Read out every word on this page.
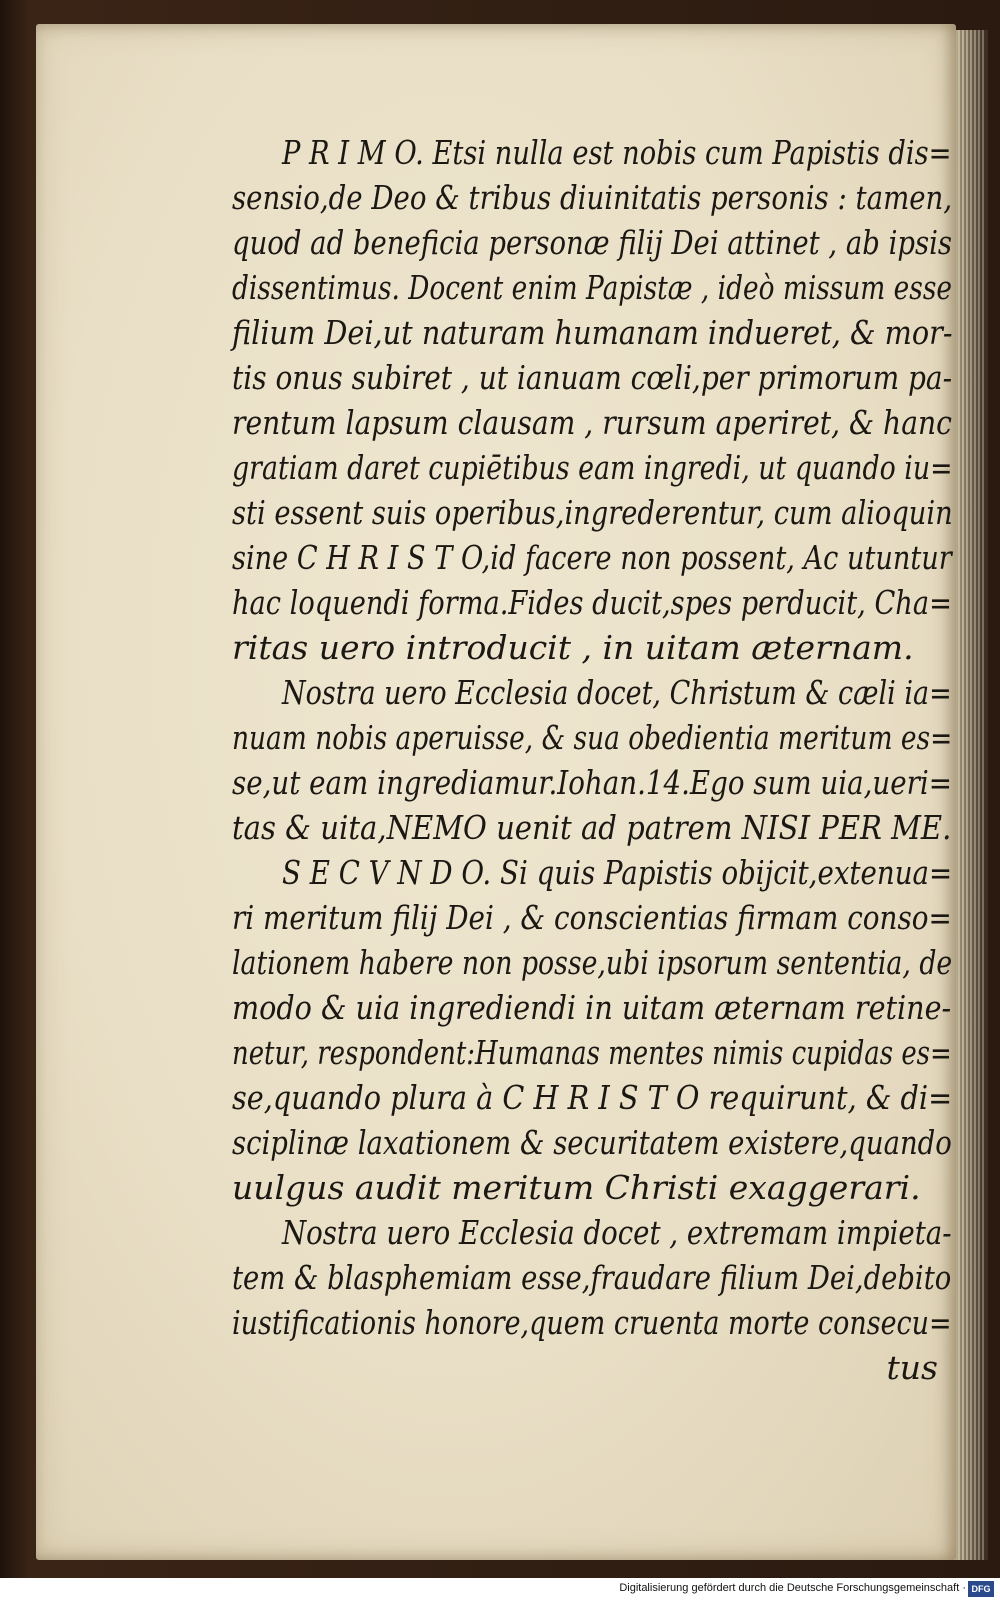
P R I M O. Etsi nulla est nobis cum Papistis dis=
sensio,de Deo & tribus diuinitatis personis : tamen,
quod ad beneficia personæ filij Dei attinet , ab ipsis
dissentimus. Docent enim Papistæ , ideò missum esse
filium Dei,ut naturam humanam indueret, & mor-
tis onus subiret , ut ianuam cœli,per primorum pa-
rentum lapsum clausam , rursum aperiret, & hanc
gratiam daret cupiētibus eam ingredi, ut quando iu=
sti essent suis operibus,ingrederentur, cum alioquin
sine C H R I S T O,id facere non possent, Ac utuntur
hac loquendi forma.Fides ducit,spes perducit, Cha=
ritas uero introducit , in uitam æternam.
Nostra uero Ecclesia docet, Christum & cæli ia=
nuam nobis aperuisse, & sua obedientia meritum es=
se,ut eam ingrediamur.Iohan.14.Ego sum uia,ueri=
tas & uita,NEMO uenit ad patrem NISI PER ME.
S E C V N D O. Si quis Papistis obijcit,extenua=
ri meritum filij Dei , & conscientias firmam conso=
lationem habere non posse,ubi ipsorum sententia, de
modo & uia ingrediendi in uitam æternam retine-
netur, respondent:Humanas mentes nimis cupidas es=
se,quando plura à C H R I S T O requirunt, & di=
sciplinæ laxationem & securitatem existere,quando
uulgus audit meritum Christi exaggerari.
Nostra uero Ecclesia docet , extremam impieta-
tem & blasphemiam esse,fraudare filium Dei,debito
iustificationis honore,quem cruenta morte consecu=
tus
Digitalisierung gefördert durch die Deutsche Forschungsgemeinschaft · DFG
